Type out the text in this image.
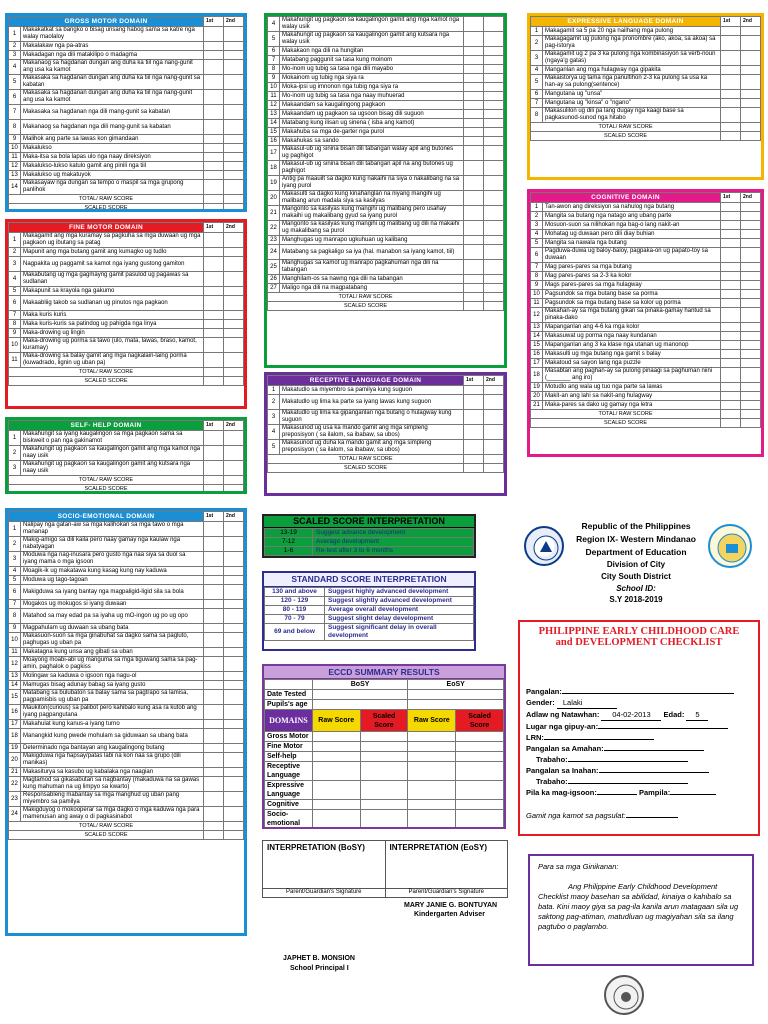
GROSS MOTOR DOMAIN		1st	2nd
1	Makakatkat sa bangko o bisag unsang habog sama sa katre nga walay maolaloy		
2	Makalakaw nga pa-atras		
3	Makadagan nga dili matakilipo o madagma		
4	Makanaog sa hagdanan dungan ang duha ka tiil nga nang-gunit ang usa ka kamot		
5	Makasaka sa hagdanan dungan ang duha ka tiil nga nang-gunit sa kabatan		
6	Makasaka sa hagdanan dungan ang duha ka tiil nga nang-gunit ang usa ka kamot		
7	Makasaka sa hagdanan nga dili mang-gunit sa kabatan		
8	Makanaog sa hagdanan nga dili mang-gunit sa kabatan		
9	Malihok ang parte sa lawas kon gimandaan		
10	Makalukso		
11	Maka-itsa sa bola lapas ulo nga naay direksiyon		
12	Makalukso-lukso katulo gamit ang pinili nga tiil		
13	Makalukso ug makatuyok		
14	Makasayaw nga dungan sa tempo o maspil sa mga grupong panlihok		
TOTAL/ RAW SCORE			
SCALED SCORE			
FINE MOTOR DOMAIN		1st	2nd
1	Makagamit ang mga kuramay sa pagkuha sa mga duwaan ug mga pagkaon ug ibutang sa patag		
2	Mapunit ang mga butang gamit ang kumagko ug tudlo		
3	Nagpakita ug paggamit sa kamot nga iyang gustong gamiton		
4	Makabutang ug mga gagmayng gamit pasulod ug pagawas sa sudlanan		
5	Makapunit sa krayola nga gakumo		
6	Makaabliig takob sa sudlanan ug pinutos nga pagkaon		
7	Maka kuris kuris		
8	Maka kuris-kuris sa patindog ug pahigda nga linya		
9	Maka-drowing ug lingin		
10	Maka-drowing ug porma sa tawo (ulo, mata, lawas, braso, kamot, kuramay)		
11	Maka-drowing sa balay gamit ang mga nagkalain-laing porma (kuwadrado, lignin ug uban pa)		
TOTAL/ RAW SCORE			
SCALED SCORE			
SELF- HELP DOMAIN		1st	2nd
1	Makahungit sa iyang kaugalingon sa mga pagkaon sama sa biskweit o pan nga gakinamot		
2	Makahungit ug pagkaon sa kaugalingon gamit ang mga kamot nga naay usik		
3	Makahungit ug pagkaon sa kaugalingon gamit ang kutsara nga naay usik		
TOTAL/ RAW SCORE			
SCALED SCORE			
SOCIO-EMOTIONAL DOMAIN		1st	2nd
1	Nalipay nga gatan-aw sa mga kalihokan sa mga tawo o mga mananap		
2	Makig-amigo sa dili kaila pero naay gamay nga kaulaw nga nabatyagan		
3	Moduwa nga nag-inusara pero gusto nga naa siya sa duol sa iyang mama o mga igsoon		
4	Moagik-ik ug makatawa kung kasag kung nay kaduwa		
5	Moduwa ug tago-tagoan		
6	Makigduwa sa iyang bantay nga magpaligid-ligid sila sa bola		
7	Mogakos ug mokugos si iyang duwaan		
8	Matahod sa may edad pa sa iyaha ug mO-ingon ug po ug opo		
9	Magpahulam ug duwaan sa ubang bata		
10	Makasuon-suon sa mga ginabuhat sa dagko sama sa pagluto, paghugas ug uban pa		
11	Makatagna kung unsa ang gibati sa uban		
12	Moayong moabi-abi ug manguma sa mga tiguwang sama sa pag-amin, paghalok o pagkiss		
13	Molingaw sa kaduwa o igsoon nga nagu-ol		
14	Mamugas bisag adunay babag sa iyang gusto		
15	Matabang sa bulubaton sa balay sama sa pagtrapo sa lamisa, pagpamisbis ug uban pa		
16	Maukiton(curious) sa palibot pero kahibalo kung asa ra kutob ang iyang pagpangutana		
17	Makahulat kung kanus-a iyang turno		
18	Manangkid kung pwede mohulam sa giduwaan sa ubang bata		
19	Determinado nga bantayan ang kaugalingong butang		
20	Makigduwa nga hapsay/patas labi na kon naa sa grupo (dili manikas)		
21	Makasiturya sa kasubo ug kabalaka nga naagian		
22	Magtamod sa gikasabutan sa nagbantay (makaduwa na sa gawas kung mahuman na ug limpyo sa kwarto)		
23	Responsableng mabantay sa mga manghud ug uban pang miyembro sa pamilya		
24	Makigduyog o mokooperar sa mga dagko o mga kaduwa nga para mamenusan ang away o di pagkasinabot		
TOTAL/ RAW SCORE			
SCALED SCORE			
4	Makahungit ug pagkaon sa kaugalingon gamit ang mga kamot nga walay usik		
5	Makahungit ug pagkaon sa kaugalingon gamit ang kutsara nga walay usik		
6	Makakaon nga dili na hungitan		
7	Matabang paggunit sa tasa kung moinom		
8	Mo-inom ug tubig sa tasa nga dili mayabo		
9	Mokainom ug tubig nga siya ra		
10	Moka-ipsi ug imnonon nga tubig nga siya ra		
11	Mo-inom ug tubig sa tasa nga naay muhuerad		
12	Makaandam sa kaugalingong pagkaon		
13	Makaandam ug pagkaon sa ugsoon bisag dili suguon		
14	Matabang kung ilisan ug sinena ( isba ang kamot)		
15	Makahuba sa mga de-garter nga purol		
16	Makahukas sa sando		
17	Makasul-ub ug sinina bisan dili tabangan walay apil ang butones ug paghigot		
18	Makasul-ub ug sinina bisan dili tabangan apil na ang butones ug paghigot		
19	Antig pa maauilt sa dagko kung nakaihi na siya o nakalibang na sa iyang purol		
20	Makasulti sa dagko kung kinahanglan na niyang mangihi ug malibang arun madala siya sa kasilyas		
21	Mangonto sa kasilyas kung mangihi ug malibang pero usahay makaihi ug makalibang gyud sa iyang purol		
22	Mangonto sa kasilyas kung mangihi ug malibang ug dili na makaihi ug makalibang sa purol		
23	Manghugas ug manrapo ugkuhuan ug kalibang		
24	Matabang sa pagkaligo sa iya (hal. manabon sa iyang kamot, tiil)		
25	Manghugas sa kamot ug manrapo pagkahuman nga dili na tabangan		
26	Manghilam-os sa nawng nga dili na tabangan		
27	Maligo nga dili na magpatabang		
TOTAL/ RAW SCORE			
SCALED SCORE			
RECEPTIVE LANGUAGE DOMAIN		1st	2nd
1	Makatudlo sa miyembro sa pamilya kung suguon		
2	Makatudlo ug lima ka parte sa iyang lawas kung suguon		
3	Makatudlo ug lima ka gipanganlan nga butang o hulagway kung suguon		
4	Makasunod ug usa ka mando gamit ang mga simpleng preposisyon ( sa ilalom, sa ibabaw, sa ubos)		
5	Makasunod ug duha ka mando gamit ang mga simpleng preposisyon ( sa ilalom, sa ibabaw, sa ubos)		
TOTAL/ RAW SCORE			
SCALED SCORE			
EXPRESSIVE LANGUAGE DOMAIN		1st	2nd
1	Makagamit sa 5 pa 20 nga nailhang mga pulong		
2	Makagagamit ug pulong nga pronombre (ako, akoa, sa akoa) sa pag-istorya		
3	Makagamit ug 2 pa 3 ka pulong nga kombinasiyon sa verb-noun (ngaya'g gatas)		
4	Manganlan ang mga hulagway nga gipakita		
5	Makaistorya ug tama nga panultihon 2-3 ka pulong sa usa ka han-ay sa pulong(sentence)		
6	Mangutana ug "unsa"		
7	Mangutana ug "kinsa" o "ngano"		
8	Makasulilon ug dili pa lang dugay nga kaagi base sa pagkasunod-sunod nga hitabo		
TOTAL/ RAW SCORE			
SCALED SCORE			
COGNITIVE DOMAIN		1st	2nd
1	Tan-awon ang direksiyon sa nahulog nga butang		
2	Mangita sa butang nga natago ang ubang parte		
3	Mosuon-suon sa nilihokan nga bag-o lang nakit-an		
4	Mohatag ug duwaan pero dili diay buhian		
5	Mangita sa nawala nga butang		
6	Pagduwa-duwa ug baloy-baloy, pagpaka-on ug papato-toy sa duwaan		
7	Mag pares-pares sa mga butang		
8	Mag pares-pares sa 2-3 ka kolor		
9	Mags pares-pares sa mga hulagway		
10	Pagsundok sa mga butang base sa porma		
11	Pagsundok sa mga butang base sa kolor ug porma		
12	Makahan-ay sa mga butang gikan sa pinaka-gamay hantud sa pinaka-dako		
13	Mapanganlan ang 4-6 ka mga kolor		
14	Makasuwat ug porma nga naay kundanan		
15	Mapanganlan ang 3 ka klase nga utanan ug manonop		
16	Makasulti ug mga butang nga gamit s balay		
17	Makatoud sa sayon lang nga puzzle		
18	Masabtan ang paghan-ay sa pulong pinaagi sa paghuman niini (_______ ang iro)		
19	Motudlo ang wala ug tuo nga parte sa lawas		
20	Makit-an ang lahi sa nakit-ang hulagway		
21	Maka-pares sa dako ug gamay nga letra		
TOTAL/ RAW SCORE			
SCALED SCORE			
SCALED SCORE INTERPRETATION
13-19	Suggest advance development
7-12	Average development
1-6	Re-test after 3 to 6 months
STANDARD SCORE INTERPRETATION
130 and above	Suggest highly advanced development
120 - 129	Suggest slightly advanced development
80 - 119	Average overall development
70 - 79	Suggest slight delay development
69 and below	Suggest significant delay in overall development
ECCD SUMMARY RESULTS
	BoSY		EoSY	
Date Tested				
Pupils's age				
DOMAINS	Raw Score	Scaled Score	Raw Score	Scaled Score
Gross Motor				
Fine Motor				
Self-help				
Receptive Language				
Expressive Language				
Cognitive				
Socio-emotional				

INTERPRETATION (BoSY)
Parent/Guardian's Signature
INTERPRETATION (EoSY)
Parent/Guardian's Signature
MARY JANIE G. BONTUYAN
Kindergarten Adviser
JAPHET B. MONSION
School Principal I
Republic of the Philippines
Region IX- Western Mindanao
Department of Education
Division of City
City South District
School ID:
S.Y 2018-2019
PHILIPPINE EARLY CHILDHOOD CARE and DEVELOPMENT CHECKLIST
Pangalan:
Gender: Lalaki
Adlaw ng Natawhan: 04-02-2013 Edad: 5
Lugar nga gipuy-an:
LRN:
Pangalan sa Amahan:
Trabaho:
Pangalan sa Inahan:
Trabaho:
Pila ka mag-igsoon:	Pampila:
Gamit nga kamot sa pagsulat:
Para sa mga Ginikanan:
Ang Philippine Early Childhood Development Checklist maoy basehan sa abilidad, kinaiya o kahibalo sa bata. Kini maoy giya sa pag-ila kanila arun matagaan sila ug saktong pag-atiman, matudluan ug magiyahan sila sa ilang pagtubo o paglambo.
